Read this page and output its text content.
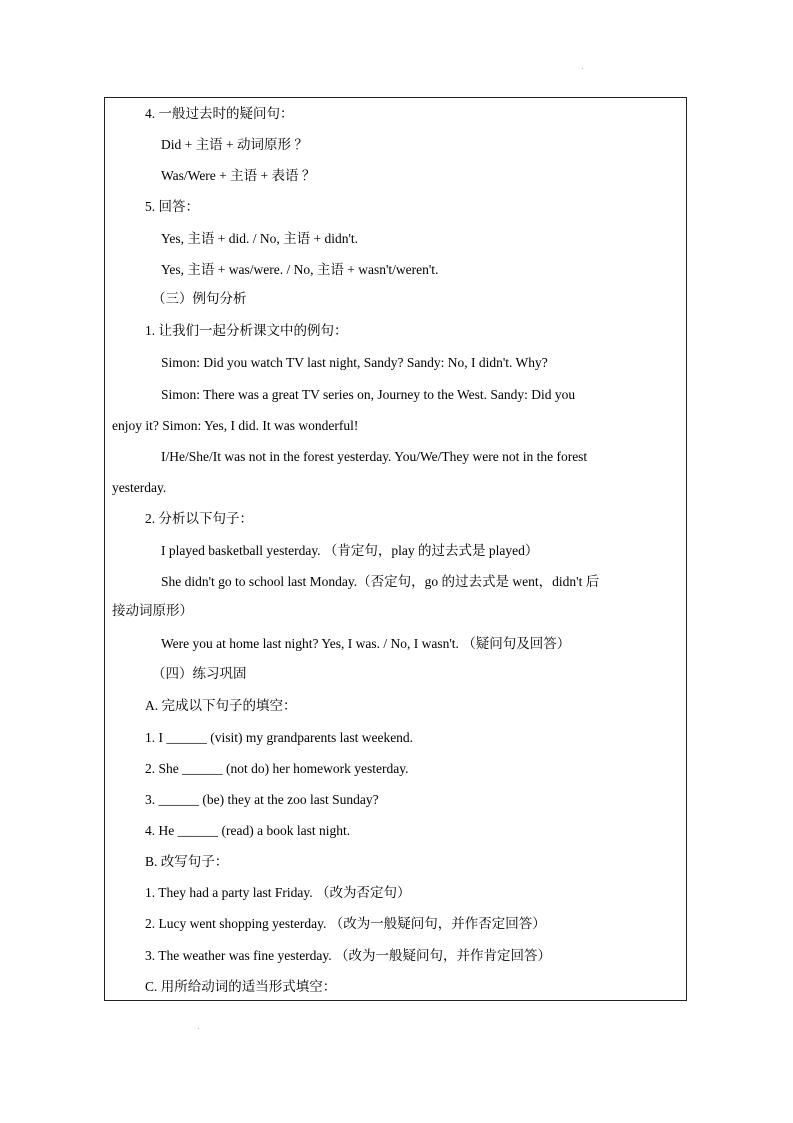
4. 一般过去时的疑问句：
Did + 主语 + 动词原形 ？
Was/Were + 主语 + 表语 ？
5. 回答：
Yes, 主语 + did. / No, 主语 + didn't.
Yes, 主语 + was/were. / No, 主语 + wasn't/weren't.
（三）例句分析
1. 让我们一起分析课文中的例句：
Simon: Did you watch TV last night, Sandy? Sandy: No, I didn't. Why?
Simon: There was a great TV series on, Journey to the West. Sandy: Did you
enjoy it? Simon: Yes, I did. It was wonderful!
I/He/She/It was not in the forest yesterday. You/We/They were not in the forest
yesterday.
2. 分析以下句子：
I played basketball yesterday. （肯定句，play 的过去式是 played）
She didn't go to school last Monday.（否定句，go 的过去式是 went，didn't 后
接动词原形）
Were you at home last night? Yes, I was. / No, I wasn't. （疑问句及回答）
（四）练习巩固
A. 完成以下句子的填空：
1. I ______ (visit) my grandparents last weekend.
2. She ______ (not do) her homework yesterday.
3. ______ (be) they at the zoo last Sunday?
4. He ______ (read) a book last night.
B. 改写句子：
1. They had a party last Friday. （改为否定句）
2. Lucy went shopping yesterday. （改为一般疑问句，并作否定回答）
3. The weather was fine yesterday. （改为一般疑问句，并作肯定回答）
C. 用所给动词的适当形式填空：
